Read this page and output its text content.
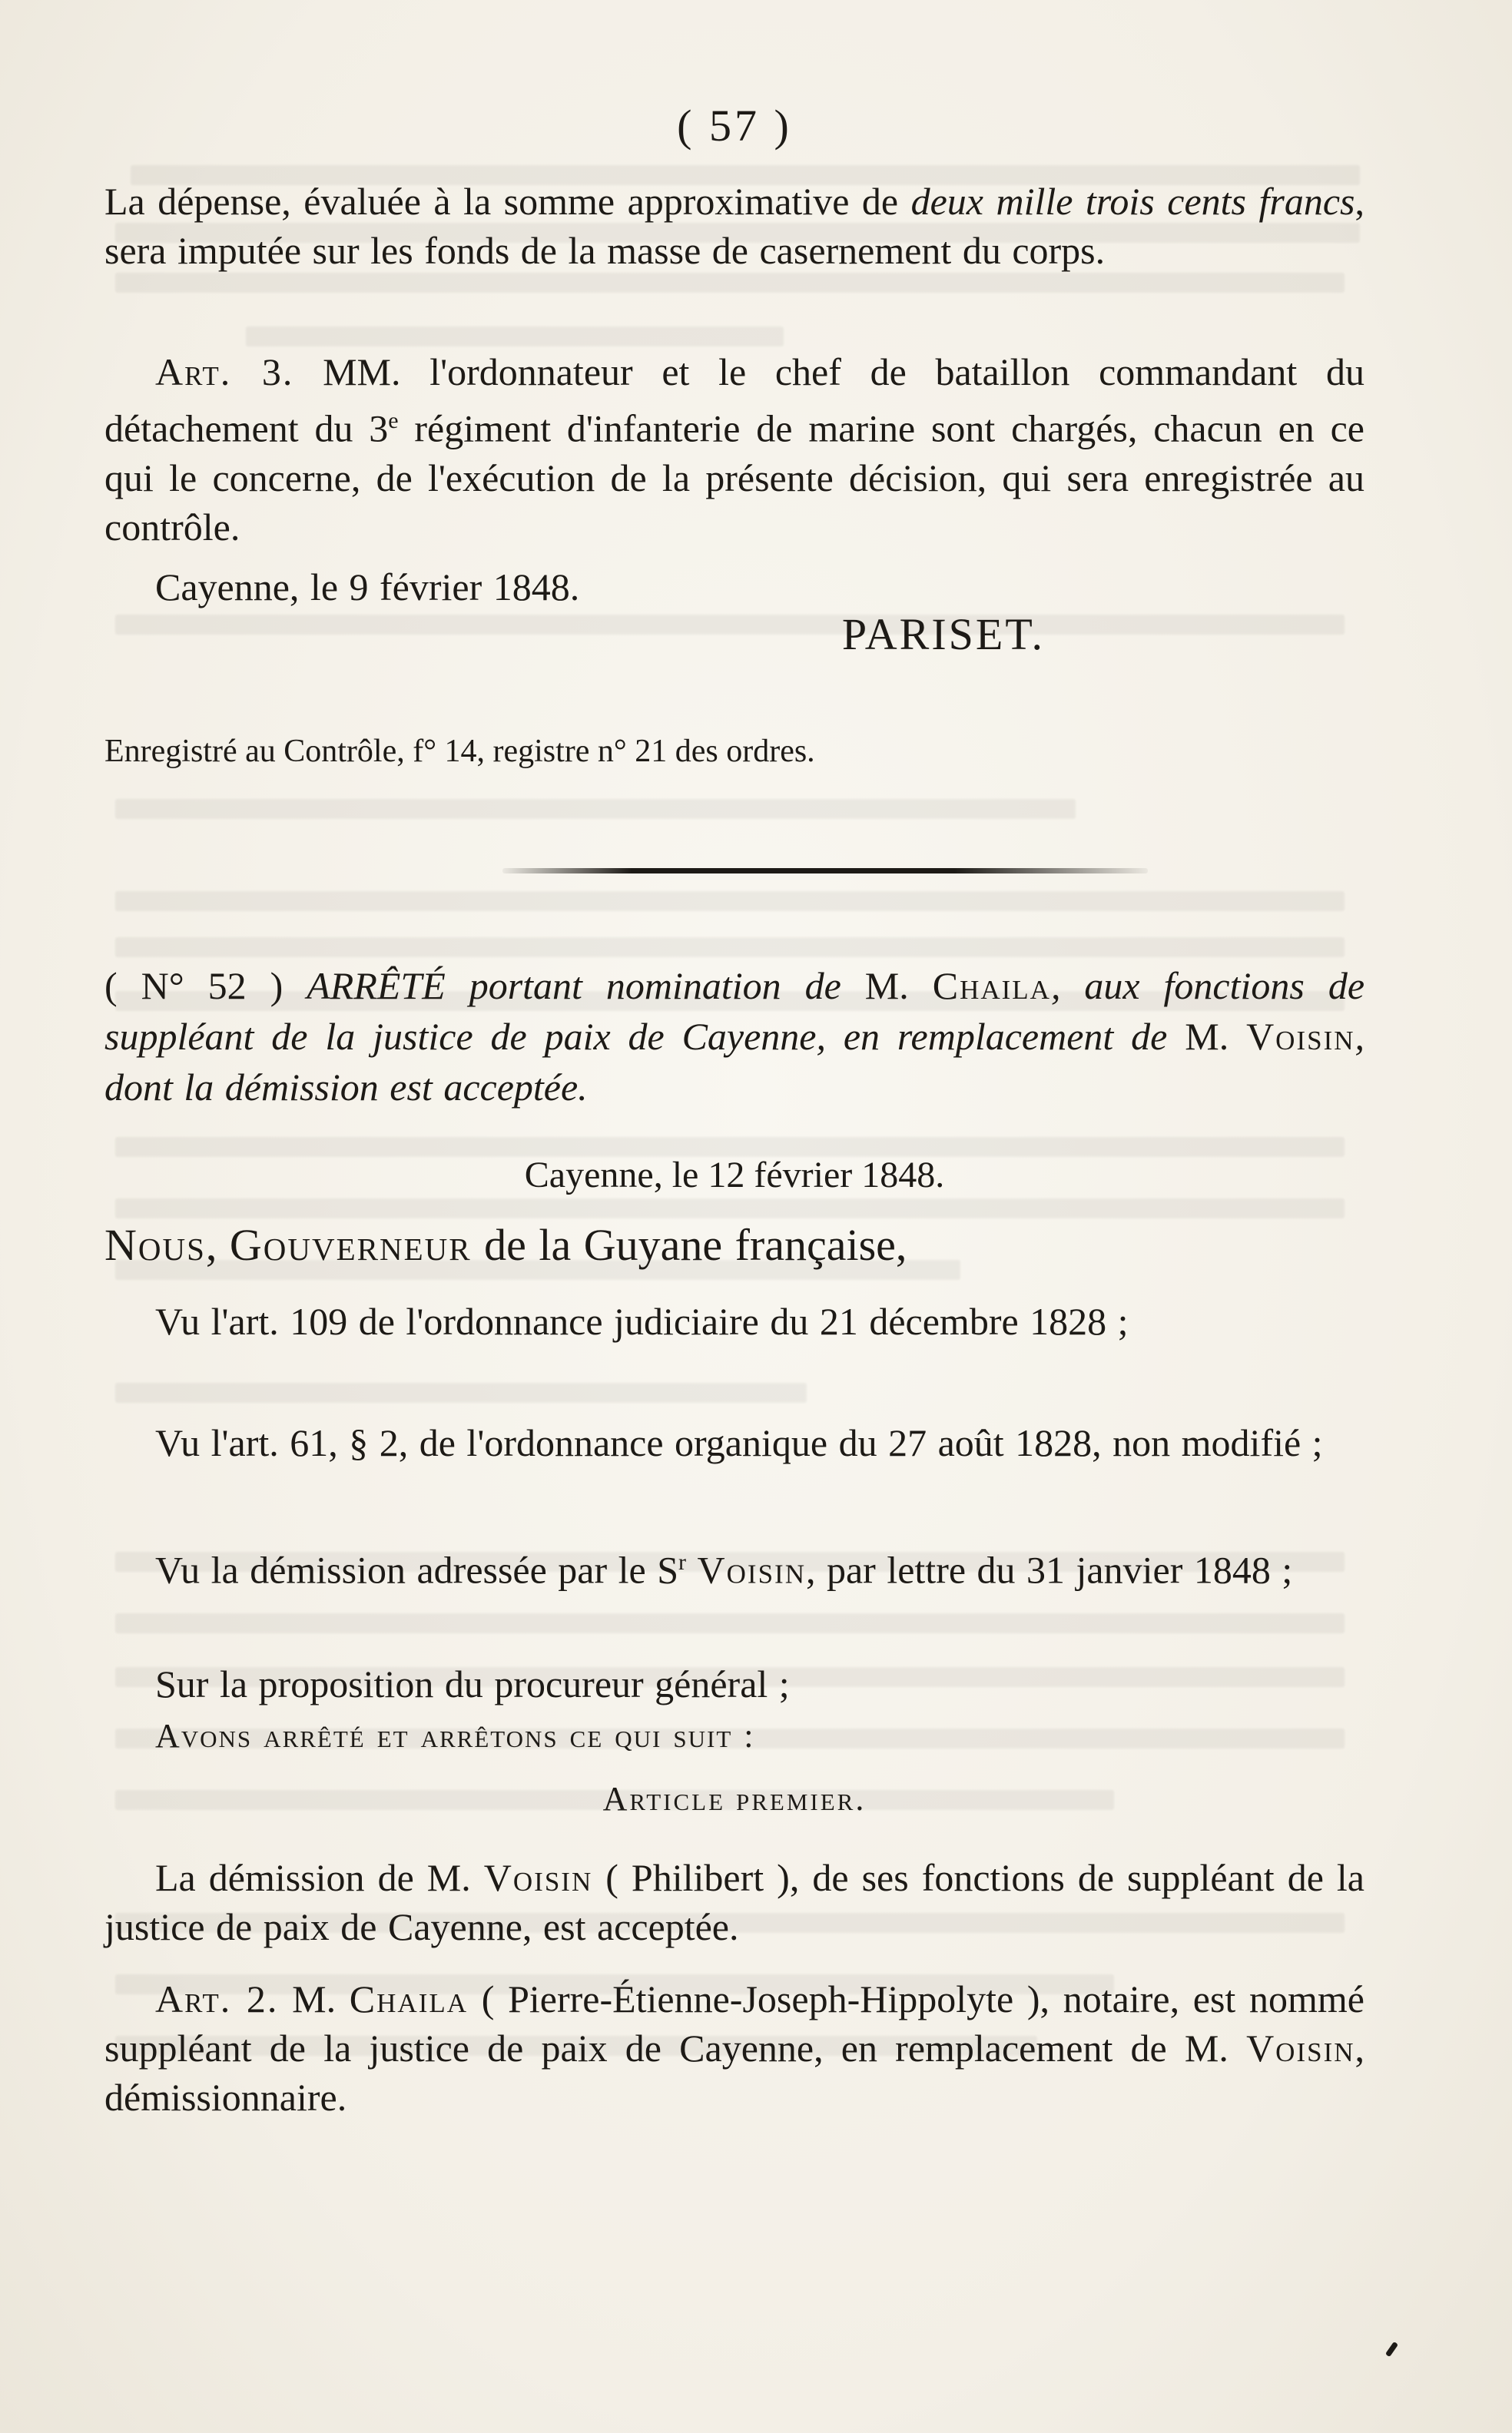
( 57 )

La dépense, évaluée à la somme approximative de deux mille trois cents francs, sera imputée sur les fonds de la masse de casernement du corps.

Art. 3. MM. l'ordonnateur et le chef de bataillon commandant du détachement du 3e régiment d'infanterie de marine sont chargés, chacun en ce qui le concerne, de l'exécution de la présente décision, qui sera enregistrée au contrôle.

Cayenne, le 9 février 1848.

PARISET.
Enregistré au Contrôle, f° 14, registre n° 21 des ordres.

( N° 52 ) ARRÊTÉ portant nomination de M. Chaila, aux fonctions de suppléant de la justice de paix de Cayenne, en remplacement de M. Voisin, dont la démission est acceptée.

Cayenne, le 12 février 1848.

Nous, Gouverneur de la Guyane française,

Vu l'art. 109 de l'ordonnance judiciaire du 21 décembre 1828 ;

Vu l'art. 61, § 2, de l'ordonnance organique du 27 août 1828, non modifié ;

Vu la démission adressée par le $S^r$ Voisin, par lettre du 31 janvier 1848 ;

Sur la proposition du procureur général ;

Avons arrêté et arrêtons ce qui suit :

Article premier.

La démission de M. Voisin ( Philibert ), de ses fonctions de suppléant de la justice de paix de Cayenne, est acceptée.

Art. 2. M. Chaila ( Pierre-Étienne-Joseph-Hippolyte ), notaire, est nommé suppléant de la justice de paix de Cayenne, en remplacement de M. Voisin, démissionnaire.
